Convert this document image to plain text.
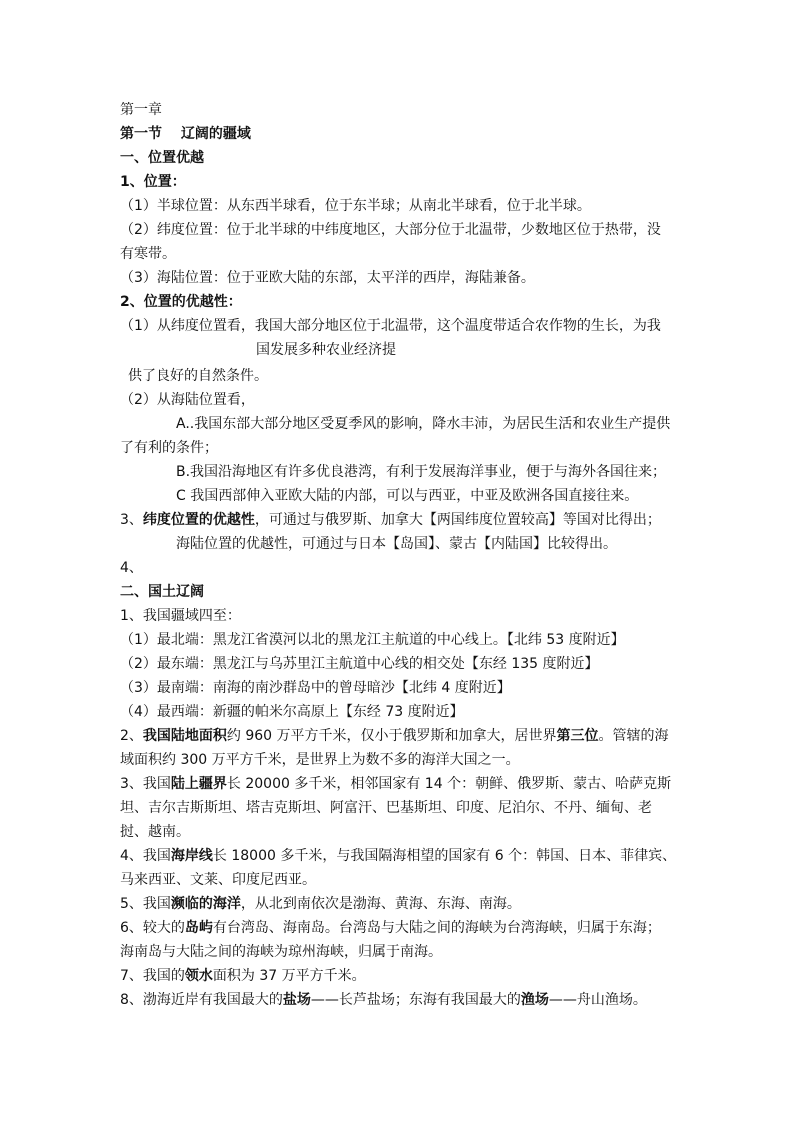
第一章
第一节　 辽阔的疆域
一、位置优越
1、位置：
（1）半球位置：从东西半球看，位于东半球；从南北半球看，位于北半球。
（2）纬度位置：位于北半球的中纬度地区，大部分位于北温带，少数地区位于热带，没
有寒带。
（3）海陆位置：位于亚欧大陆的东部，太平洋的西岸，海陆兼备。
2、位置的优越性：
（1）从纬度位置看，我国大部分地区位于北温带，这个温度带适合农作物的生长，为我
国发展多种农业经济提
供了良好的自然条件。
（2）从海陆位置看，
A..我国东部大部分地区受夏季风的影响，降水丰沛，为居民生活和农业生产提供
了有利的条件；
B.我国沿海地区有许多优良港湾，有利于发展海洋事业，便于与海外各国往来；
C 我国西部伸入亚欧大陆的内部，可以与西亚，中亚及欧洲各国直接往来。
3、纬度位置的优越性，可通过与俄罗斯、加拿大【两国纬度位置较高】等国对比得出；
海陆位置的优越性，可通过与日本【岛国】、蒙古【内陆国】比较得出。
4、
二、国土辽阔
1、我国疆域四至：
（1）最北端：黑龙江省漠河以北的黑龙江主航道的中心线上。【北纬 53 度附近】
（2）最东端：黑龙江与乌苏里江主航道中心线的相交处【东经 135 度附近】
（3）最南端：南海的南沙群岛中的曾母暗沙【北纬 4 度附近】
（4）最西端：新疆的帕米尔高原上【东经 73 度附近】
2、我国陆地面积约 960 万平方千米，仅小于俄罗斯和加拿大，居世界第三位。管辖的海
域面积约 300 万平方千米，是世界上为数不多的海洋大国之一。
3、我国陆上疆界长 20000 多千米，相邻国家有 14 个：朝鲜、俄罗斯、蒙古、哈萨克斯
坦、吉尔吉斯斯坦、塔吉克斯坦、阿富汗、巴基斯坦、印度、尼泊尔、不丹、缅甸、老
挝、越南。
4、我国海岸线长 18000 多千米，与我国隔海相望的国家有 6 个：韩国、日本、菲律宾、
马来西亚、文莱、印度尼西亚。
5、我国濒临的海洋，从北到南依次是渤海、黄海、东海、南海。
6、较大的岛屿有台湾岛、海南岛。台湾岛与大陆之间的海峡为台湾海峡，归属于东海；
海南岛与大陆之间的海峡为琼州海峡，归属于南海。
7、我国的领水面积为 37 万平方千米。
8、渤海近岸有我国最大的盐场——长芦盐场；东海有我国最大的渔场——舟山渔场。
